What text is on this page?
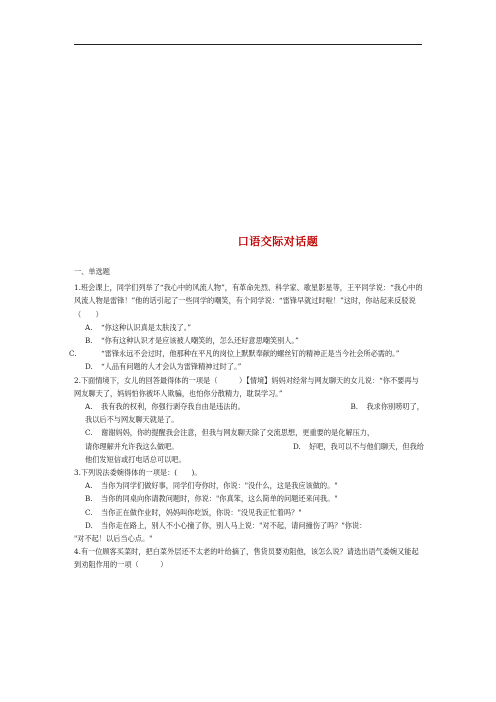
口语交际对话题
一、单选题

1.班会课上，同学们列举了“我心中的风流人物”，有革命先烈、科学家、歌星影星等，王平同学说：“我心中的风流人物是雷锋！”他的话引起了一些同学的嘲笑，有个同学说：“雷锋早就过时啦！”这时，你站起来反驳说（　　）

A. “你这种认识真是太肤浅了。”
B. “你有这种认识才是应该被人嘲笑的，怎么还好意思嘲笑别人。”
C.	“雷锋永远不会过时，他那种在平凡的岗位上默默奉献的螺丝钉的精神正是当今社会所必需的。”
D. “人品有问题的人才会认为雷锋精神过时了。”

2.下面情境下，女儿的回答最得体的一项是（　　　）【情境】妈妈对经常与网友聊天的女儿说：“你不要再与网友聊天了，妈妈怕你被坏人欺骗，也怕你分散精力，耽误学习。”

A. 我有我的权利，你强行剥夺我自由是违法的。	B. 我求你别唠叨了，
我以后不与网友聊天就是了。
C. 谢谢妈妈，你的提醒我会注意，但我与网友聊天除了交流思想，更重要的是化解压力，
请你理解并允许我这么做吧。	D. 好吧，我可以不与他们聊天，但我给
他们发短信或打电话总可以吧。

3.下列说法委婉得体的一项是：(　　)。

A. 当你为同学们做好事，同学们夸你时，你说："没什么，这是我应该做的。"
B. 当你的同桌向你请教问题时，你说："你真笨，这么简单的问题还来问我。"
C. 当你正在做作业时，妈妈叫你吃饭，你说："没见我正忙着吗？"
D. 当你走在路上，别人不小心撞了你，别人马上说："对不起，请问撞伤了吗？"你说：
"对不起！以后当心点。"

4.有一位顾客买菜时，把白菜外层还不太老的叶给摘了，售货员要劝阻他，该怎么说？请选出语气委婉又能起到劝阻作用的一项（　　　）
